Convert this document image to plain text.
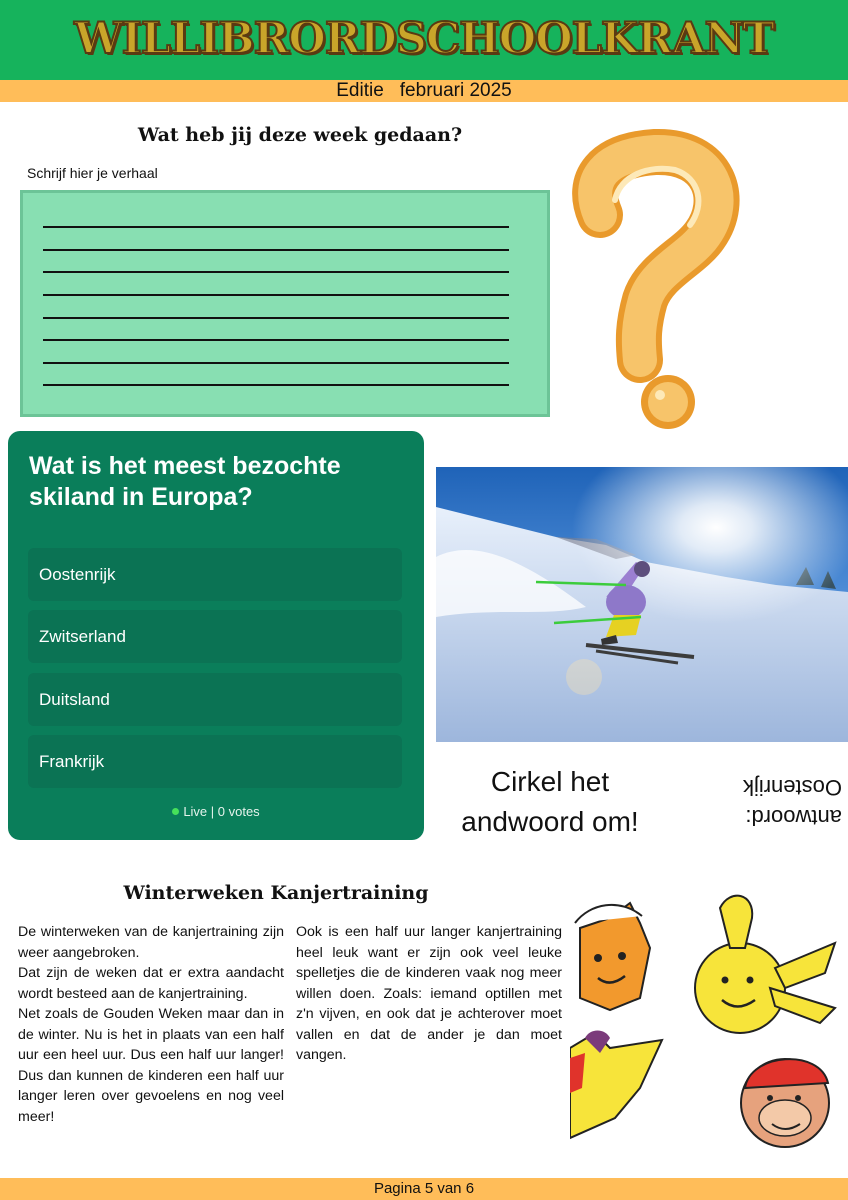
WILLIBRORDSCHOOLKRANT
Editie februari 2025
Wat heb jij deze week gedaan?
Schrijf hier je verhaal
Wat is het meest bezochte skiland in Europa?
Oostenrijk
Zwitserland
Duitsland
Frankrijk
Live | 0 votes
Cirkel het andwoord om!	antwoord: Oostenrijk
Winterweken Kanjertraining

De winterweken van de kanjertraining zijn weer aangebroken.

Dat zijn de weken dat er extra aandacht wordt besteed aan de kanjertraining.

Net zoals de Gouden Weken maar dan in de winter. Nu is het in plaats van een half uur een heel uur. Dus een half uur langer! Dus dan kunnen de kinderen een half uur langer leren over gevoelens en nog veel meer!

Ook is een half uur langer kanjertraining heel leuk want er zijn ook veel leuke spelletjes die de kinderen vaak nog meer willen doen. Zoals: iemand optillen met z'n vijven, en ook dat je achterover moet vallen en dat de ander je dan moet vangen.

Pagina 5 van 6
